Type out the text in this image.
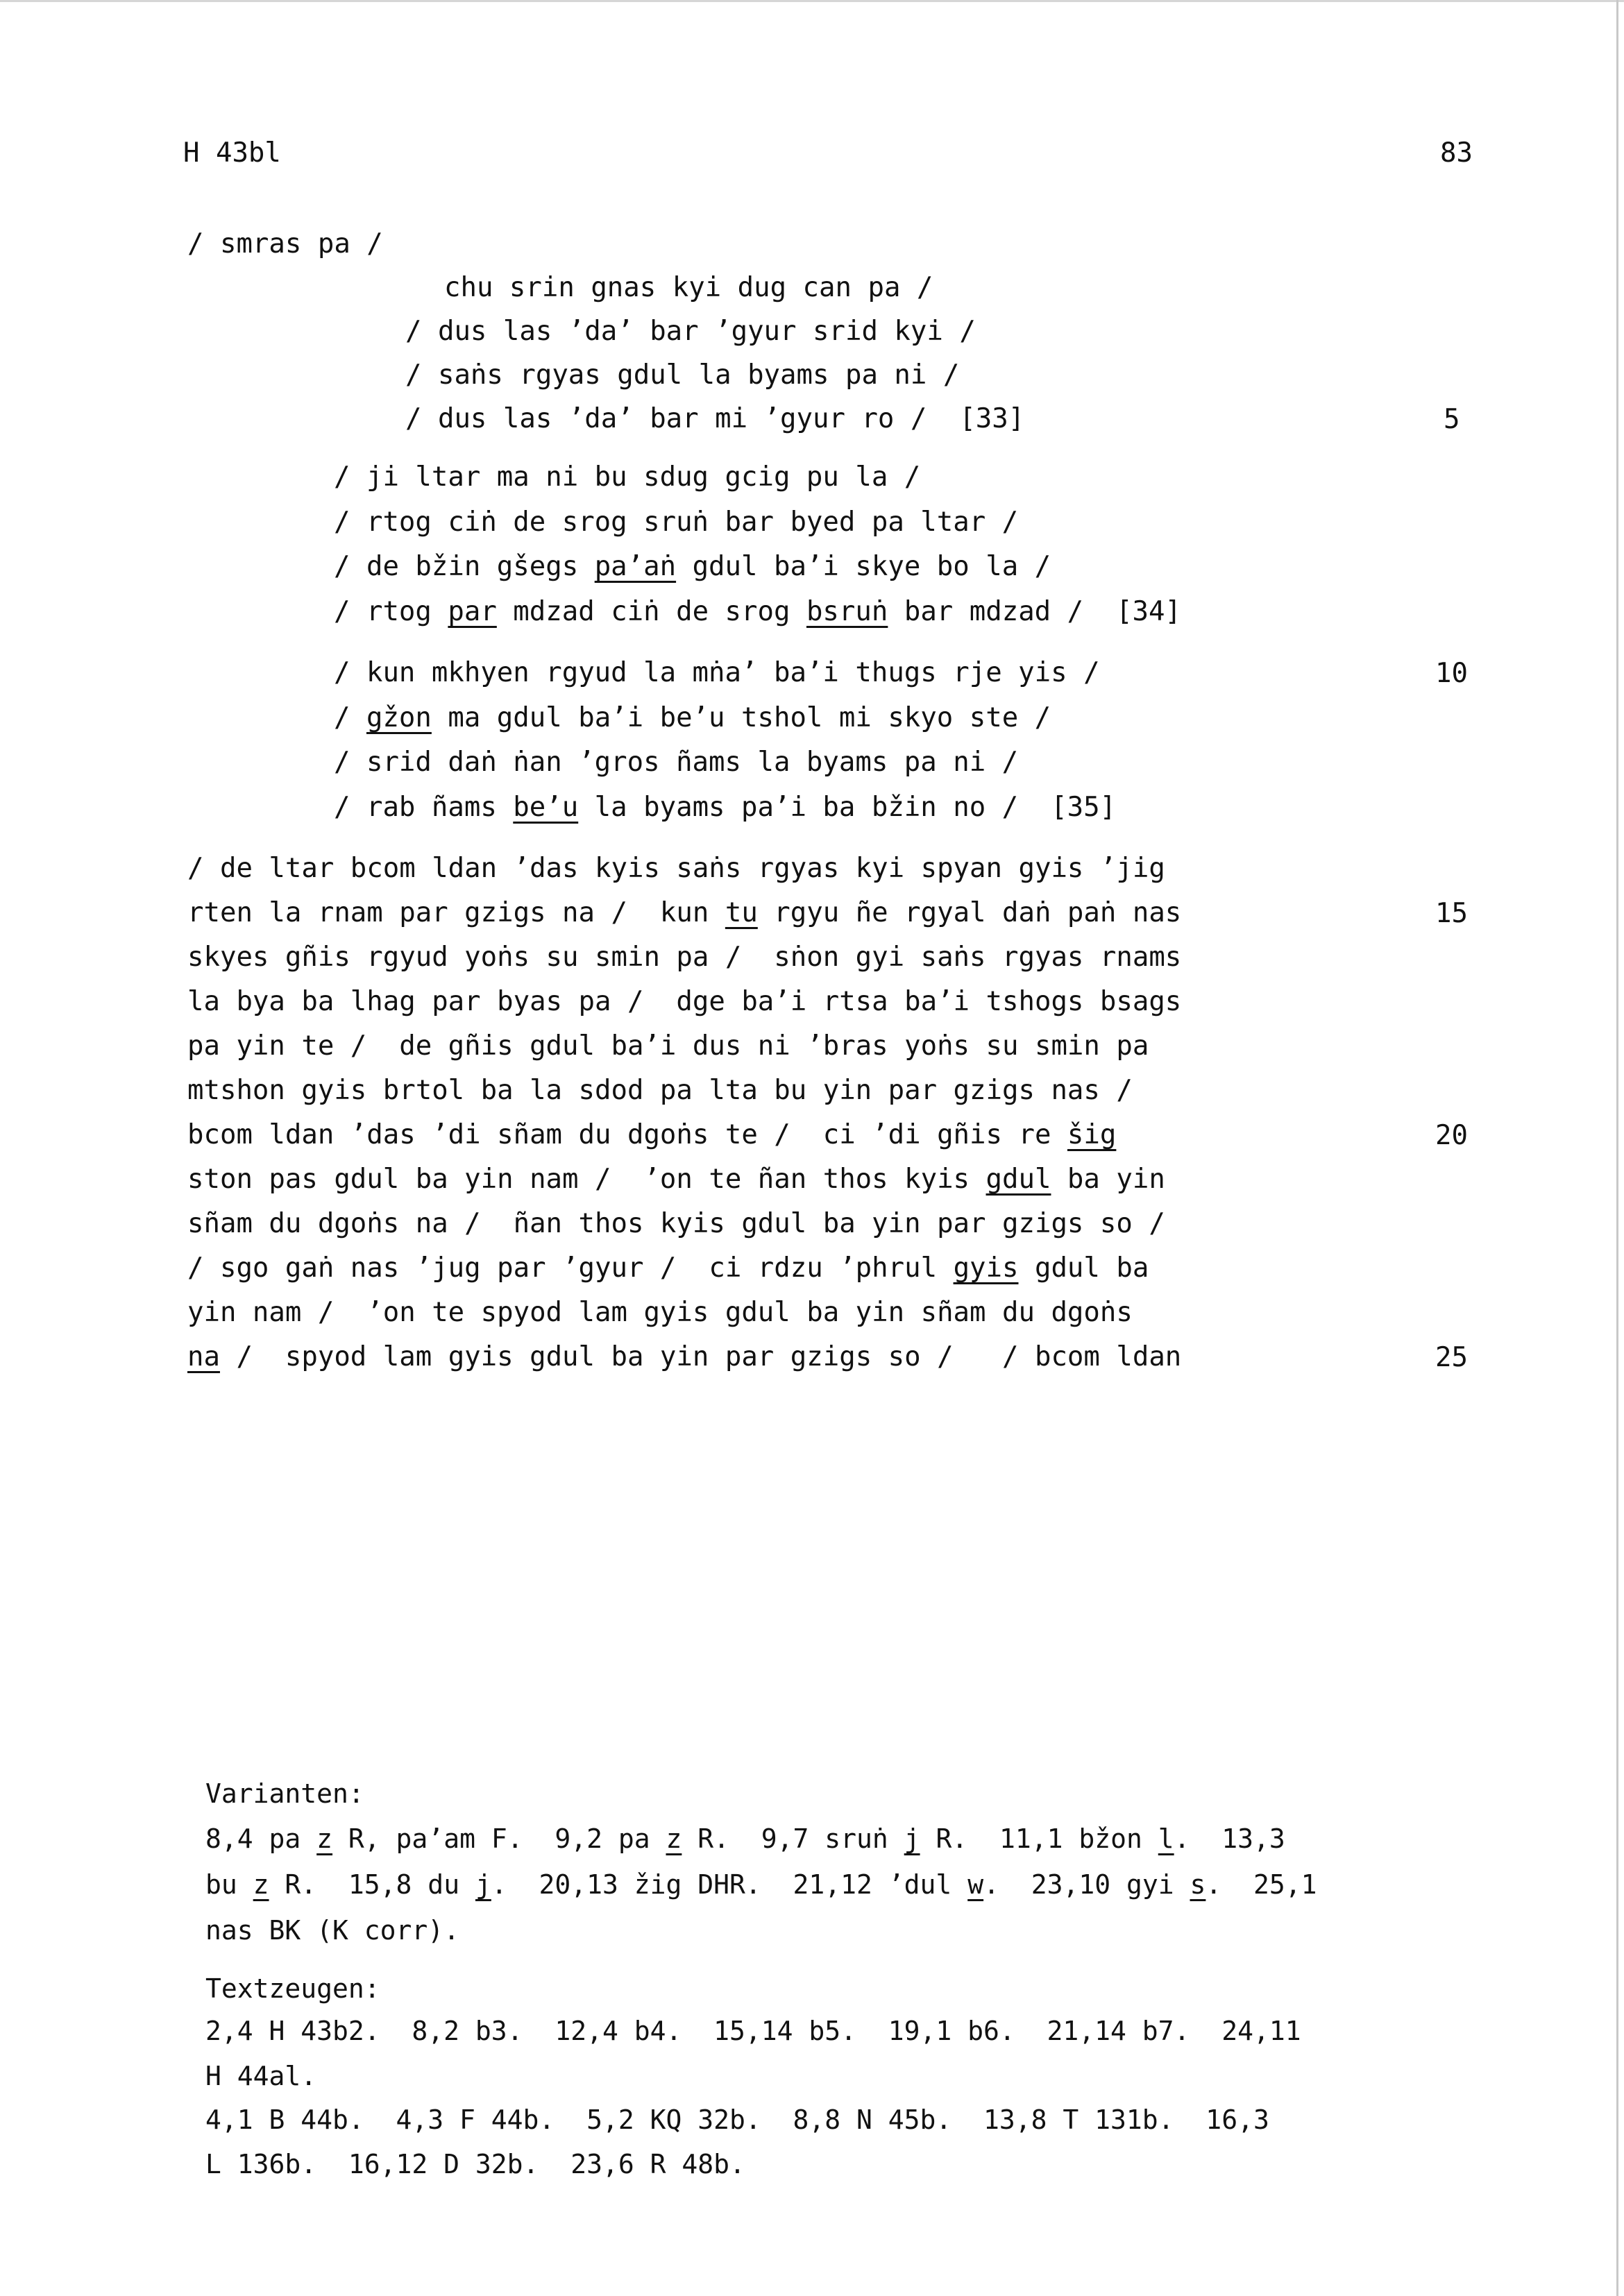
H 43bl	83
/ smras pa /
chu srin gnas kyi dug can pa /
/ dus las ’da’ bar ’gyur srid kyi /
/ saṅs rgyas gdul la byams pa ni /
/ dus las ’da’ bar mi ’gyur ro /  [33]
/ ji ltar ma ni bu sdug gcig pu la /
/ rtog ciṅ de srog sruṅ bar byed pa ltar /
/ de bžin gšegs pa’aṅ gdul ba’i skye bo la /
/ rtog par mdzad ciṅ de srog bsruṅ bar mdzad /  [34]
/ kun mkhyen rgyud la mṅa’ ba’i thugs rje yis /
/ gžon ma gdul ba’i be’u tshol mi skyo ste /
/ srid daṅ ṅan ’gros ñams la byams pa ni /
/ rab ñams be’u la byams pa’i ba bžin no /  [35]
/ de ltar bcom ldan ’das kyis saṅs rgyas kyi spyan gyis ’jig
rten la rnam par gzigs na /  kun tu rgyu ñe rgyal daṅ paṅ nas
skyes gñis rgyud yoṅs su smin pa /  sṅon gyi saṅs rgyas rnams
la bya ba lhag par byas pa /  dge ba’i rtsa ba’i tshogs bsags
pa yin te /  de gñis gdul ba’i dus ni ’bras yoṅs su smin pa
mtshon gyis brtol ba la sdod pa lta bu yin par gzigs nas /
bcom ldan ’das ’di sñam du dgoṅs te /  ci ’di gñis re šig
ston pas gdul ba yin nam /  ’on te ñan thos kyis gdul ba yin
sñam du dgoṅs na /  ñan thos kyis gdul ba yin par gzigs so /
/ sgo gaṅ nas ’jug par ’gyur /  ci rdzu ’phrul gyis gdul ba
yin nam /  ’on te spyod lam gyis gdul ba yin sñam du dgoṅs
na /  spyod lam gyis gdul ba yin par gzigs so /   / bcom ldan
5
10
15
20
25
Varianten:
8,4 pa z R, pa’am F.  9,2 pa z R.  9,7 sruṅ j R.  11,1 bžon l.  13,3
bu z R.  15,8 du j.  20,13 žig DHR.  21,12 ’dul w.  23,10 gyi s.  25,1
nas BK (K corr).
Textzeugen:
2,4 H 43b2.  8,2 b3.  12,4 b4.  15,14 b5.  19,1 b6.  21,14 b7.  24,11
H 44al.
4,1 B 44b.  4,3 F 44b.  5,2 KQ 32b.  8,8 N 45b.  13,8 T 131b.  16,3
L 136b.  16,12 D 32b.  23,6 R 48b.
